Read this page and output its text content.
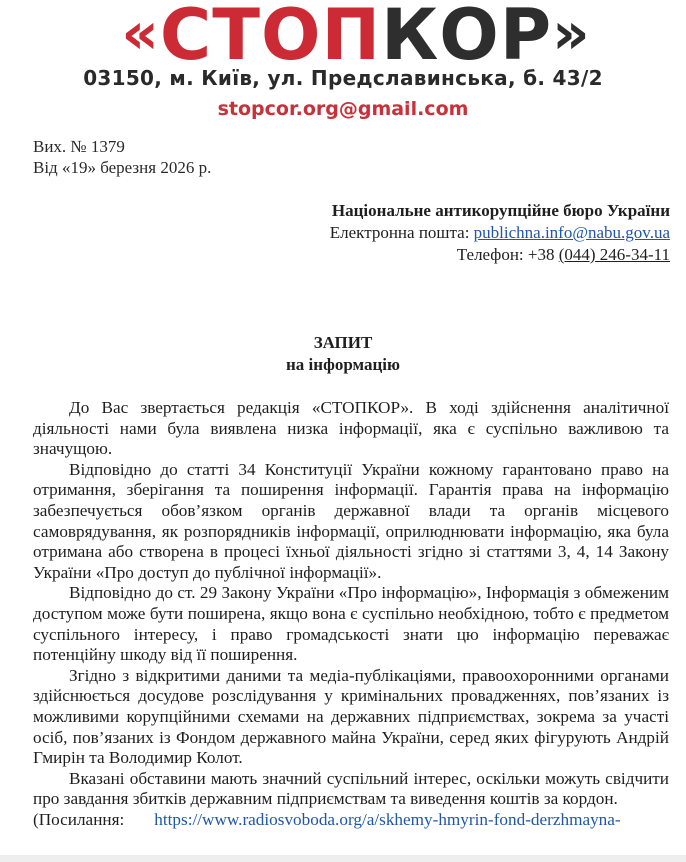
«СТОПКОР»
03150, м. Київ, ул. Предславинська, б. 43/2
stopcor.org@gmail.com
Вих. № 1379
Від «19» березня 2026 р.
Національне антикорупційне бюро України
Електронна пошта: publichna.info@nabu.gov.ua
Телефон: +38 (044) 246-34-11
ЗАПИТ
на інформацію

До Вас звертається редакція «СТОПКОР». В ході здійснення аналітичної діяльності нами була виявлена низка інформації, яка є суспільно важливою та значущою.

Відповідно до статті 34 Конституції України кожному гарантовано право на отримання, зберігання та поширення інформації. Гарантія права на інформацію забезпечується обов’язком органів державної влади та органів місцевого самоврядування, як розпорядників інформації, оприлюднювати інформацію, яка була отримана або створена в процесі їхньої діяльності згідно зі статтями 3, 4, 14 Закону України «Про доступ до публічної інформації».

Відповідно до ст. 29 Закону України «Про інформацію», Інформація з обмеженим доступом може бути поширена, якщо вона є суспільно необхідною, тобто є предметом суспільного інтересу, і право громадськості знати цю інформацію переважає потенційну шкоду від її поширення.

Згідно з відкритими даними та медіа-публікаціями, правоохоронними органами здійснюється досудове розслідування у кримінальних провадженнях, пов’язаних із можливими корупційними схемами на державних підприємствах, зокрема за участі осіб, пов’язаних із Фондом державного майна України, серед яких фігурують Андрій Гмирін та Володимир Колот.

Вказані обставини мають значний суспільний інтерес, оскільки можуть свідчити про завдання збитків державним підприємствам та виведення коштів за кордон.

(Посилання: https://www.radiosvoboda.org/a/skhemy-hmyrin-fond-derzhmayna-
